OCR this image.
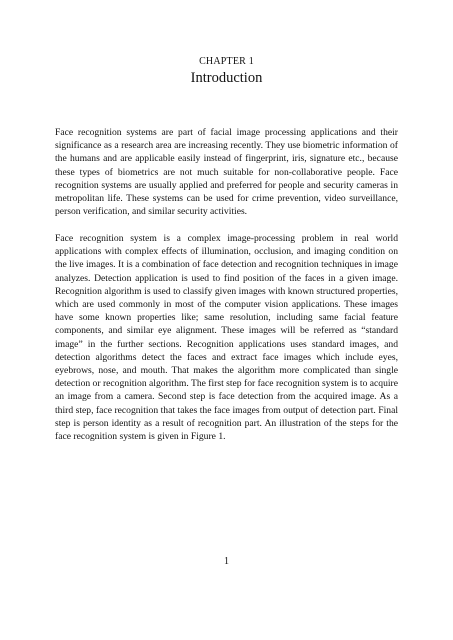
CHAPTER 1
Introduction

Face recognition systems are part of facial image processing applications and their significance as a research area are increasing recently. They use biometric information of the humans and are applicable easily instead of fingerprint, iris, signature etc., because these types of biometrics are not much suitable for non-collaborative people. Face recognition systems are usually applied and preferred for people and security cameras in metropolitan life. These systems can be used for crime prevention, video surveillance, person verification, and similar security activities.

Face recognition system is a complex image-processing problem in real world applications with complex effects of illumination, occlusion, and imaging condition on the live images. It is a combination of face detection and recognition techniques in image analyzes. Detection application is used to find position of the faces in a given image. Recognition algorithm is used to classify given images with known structured properties, which are used commonly in most of the computer vision applications. These images have some known properties like; same resolution, including same facial feature components, and similar eye alignment. These images will be referred as “standard image” in the further sections. Recognition applications uses standard images, and detection algorithms detect the faces and extract face images which include eyes, eyebrows, nose, and mouth. That makes the algorithm more complicated than single detection or recognition algorithm. The first step for face recognition system is to acquire an image from a camera. Second step is face detection from the acquired image. As a third step, face recognition that takes the face images from output of detection part. Final step is person identity as a result of recognition part. An illustration of the steps for the face recognition system is given in Figure 1.

1
